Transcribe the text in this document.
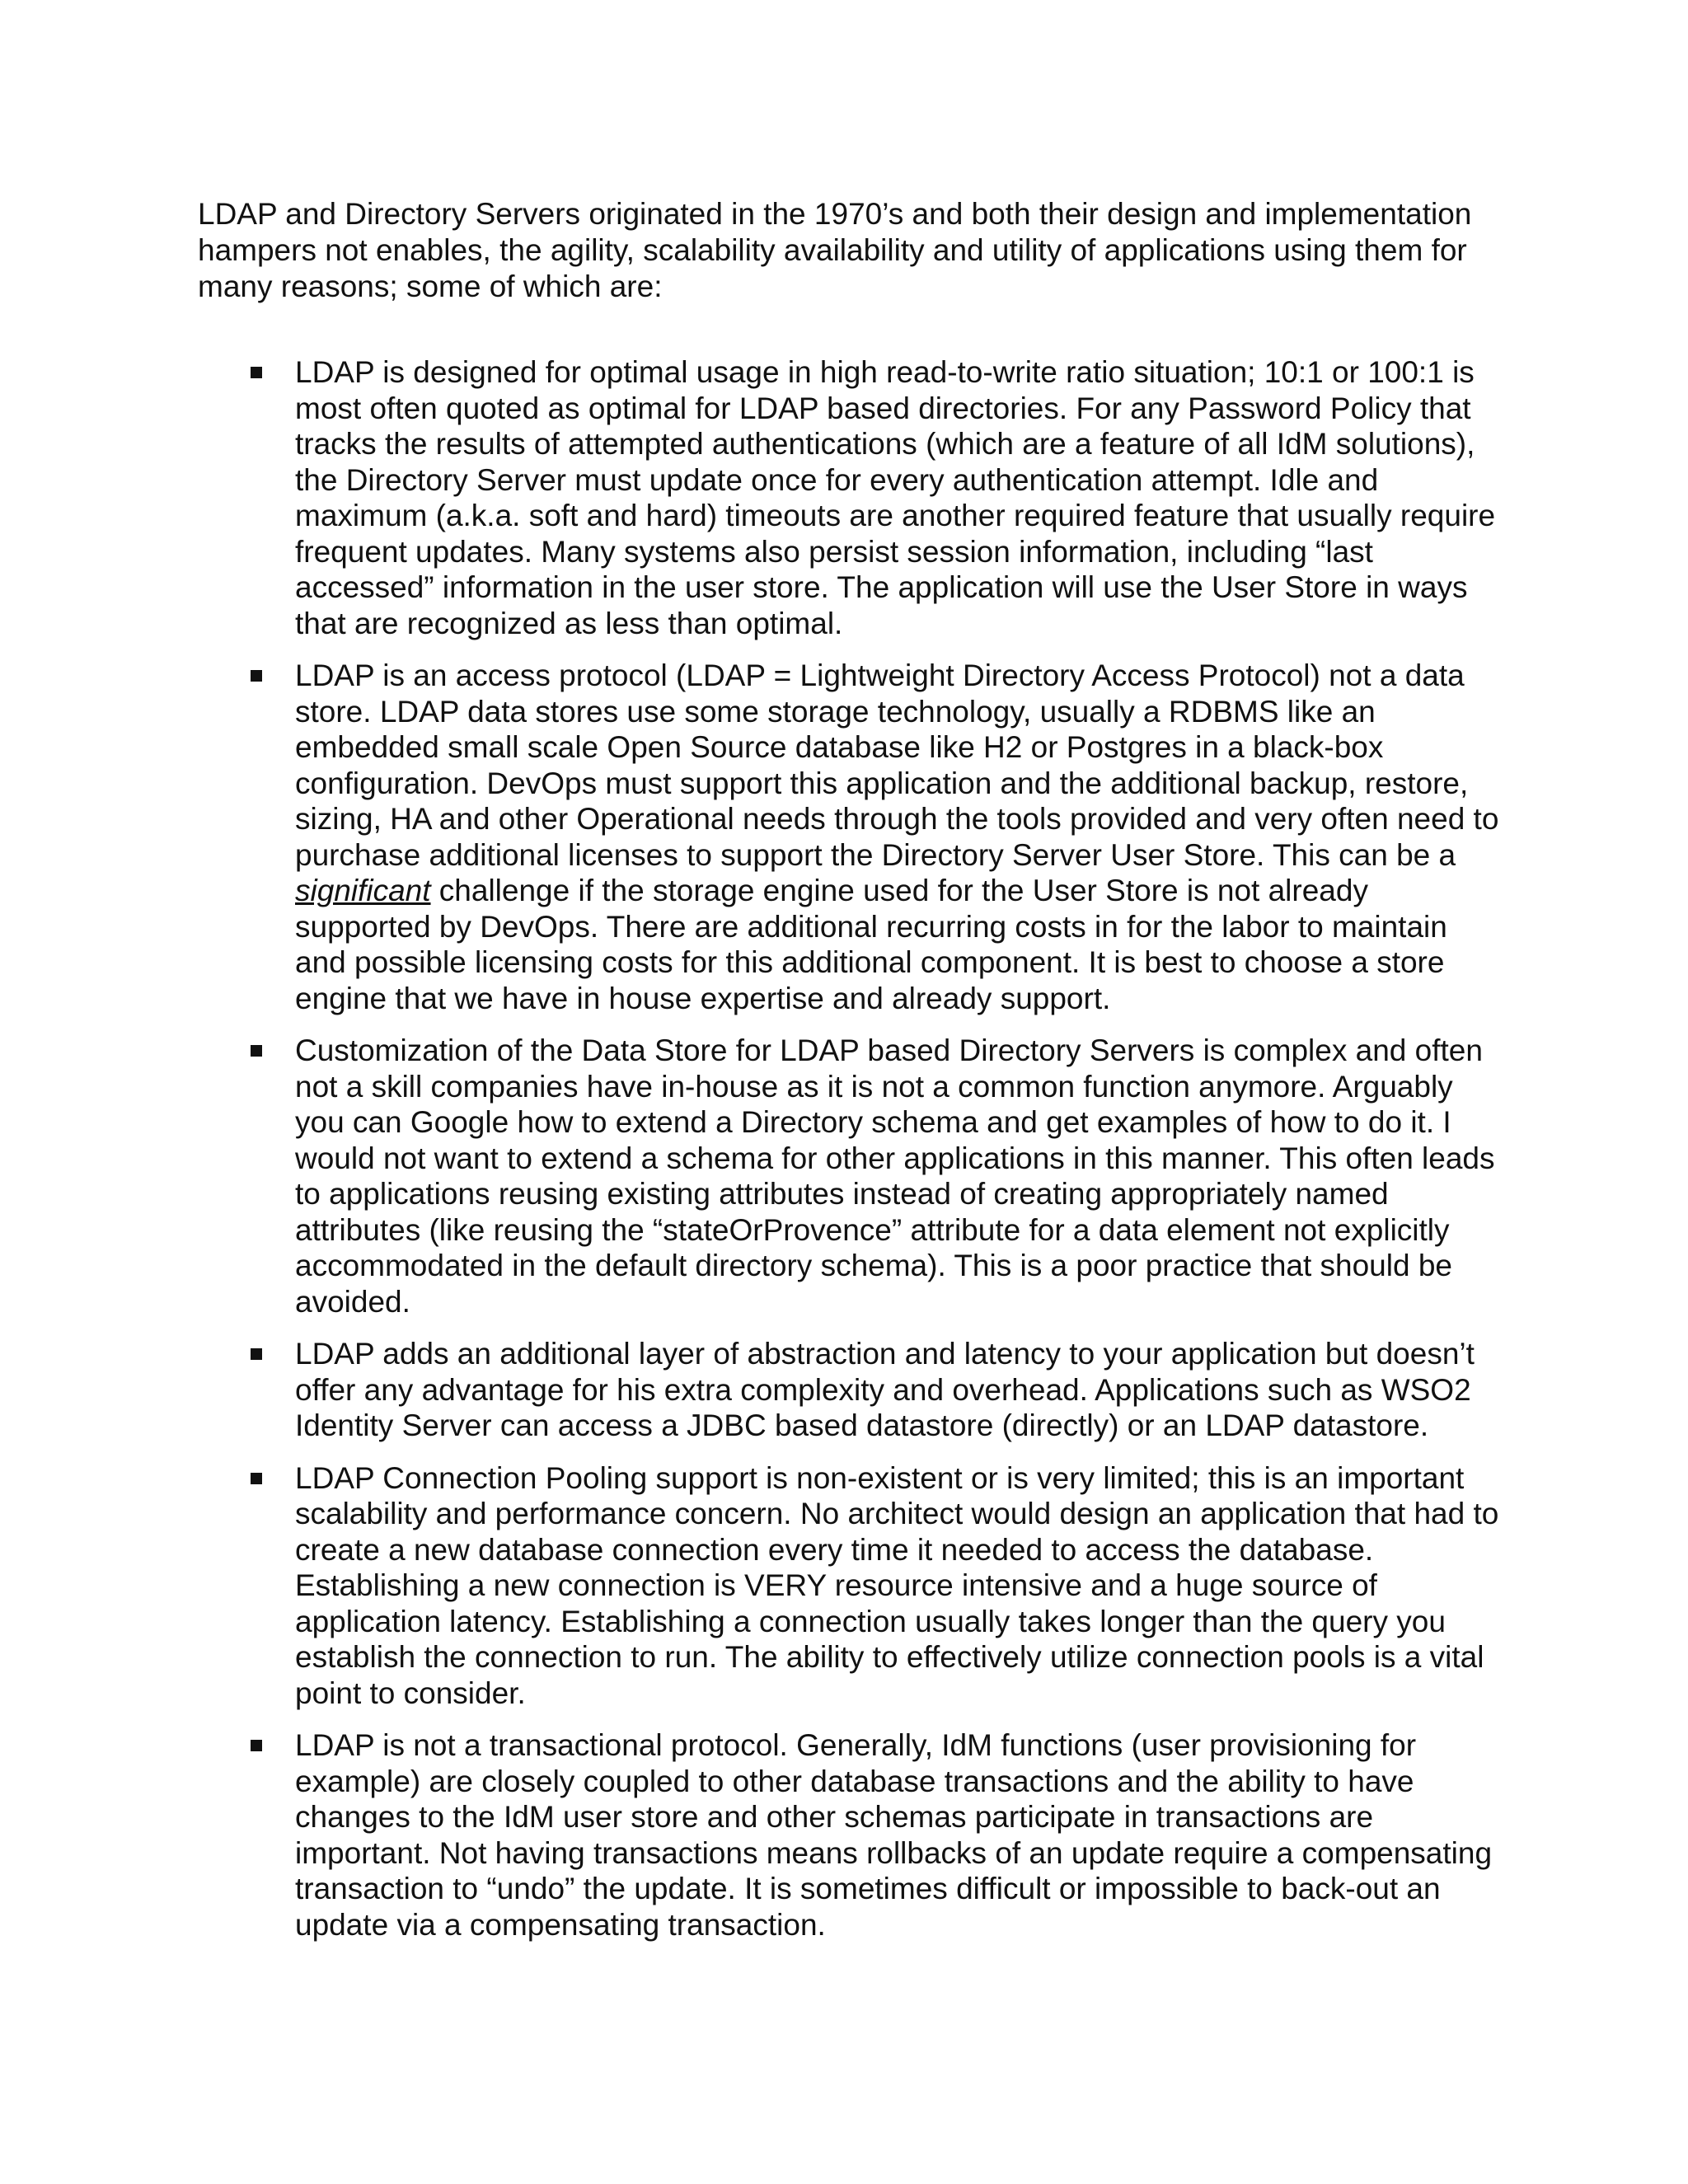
LDAP and Directory Servers originated in the 1970’s and both their design and implementation hampers not enables, the agility, scalability availability and utility of applications using them for many reasons; some of which are:

LDAP is designed for optimal usage in high read-to-write ratio situation; 10:1 or 100:1 is most often quoted as optimal for LDAP based directories. For any Password Policy that tracks the results of attempted authentications (which are a feature of all IdM solutions), the Directory Server must update once for every authentication attempt. Idle and maximum (a.k.a. soft and hard) timeouts are another required feature that usually require frequent updates. Many systems also persist session information, including “last accessed” information in the user store. The application will use the User Store in ways that are recognized as less than optimal.
LDAP is an access protocol (LDAP = Lightweight Directory Access Protocol) not a data store. LDAP data stores use some storage technology, usually a RDBMS like an embedded small scale Open Source database like H2 or Postgres in a black-box configuration. DevOps must support this application and the additional backup, restore, sizing, HA and other Operational needs through the tools provided and very often need to purchase additional licenses to support the Directory Server User Store. This can be a significant challenge if the storage engine used for the User Store is not already supported by DevOps. There are additional recurring costs in for the labor to maintain and possible licensing costs for this additional component. It is best to choose a store engine that we have in house expertise and already support.
Customization of the Data Store for LDAP based Directory Servers is complex and often not a skill companies have in-house as it is not a common function anymore. Arguably you can Google how to extend a Directory schema and get examples of how to do it. I would not want to extend a schema for other applications in this manner. This often leads to applications reusing existing attributes instead of creating appropriately named attributes (like reusing the “stateOrProvence” attribute for a data element not explicitly accommodated in the default directory schema). This is a poor practice that should be avoided.
LDAP adds an additional layer of abstraction and latency to your application but doesn’t offer any advantage for his extra complexity and overhead. Applications such as WSO2 Identity Server can access a JDBC based datastore (directly) or an LDAP datastore.
LDAP Connection Pooling support is non-existent or is very limited; this is an important scalability and performance concern. No architect would design an application that had to create a new database connection every time it needed to access the database. Establishing a new connection is VERY resource intensive and a huge source of application latency. Establishing a connection usually takes longer than the query you establish the connection to run. The ability to effectively utilize connection pools is a vital point to consider.
LDAP is not a transactional protocol. Generally, IdM functions (user provisioning for example) are closely coupled to other database transactions and the ability to have changes to the IdM user store and other schemas participate in transactions are important. Not having transactions means rollbacks of an update require a compensating transaction to “undo” the update. It is sometimes difficult or impossible to back-out an update via a compensating transaction.
